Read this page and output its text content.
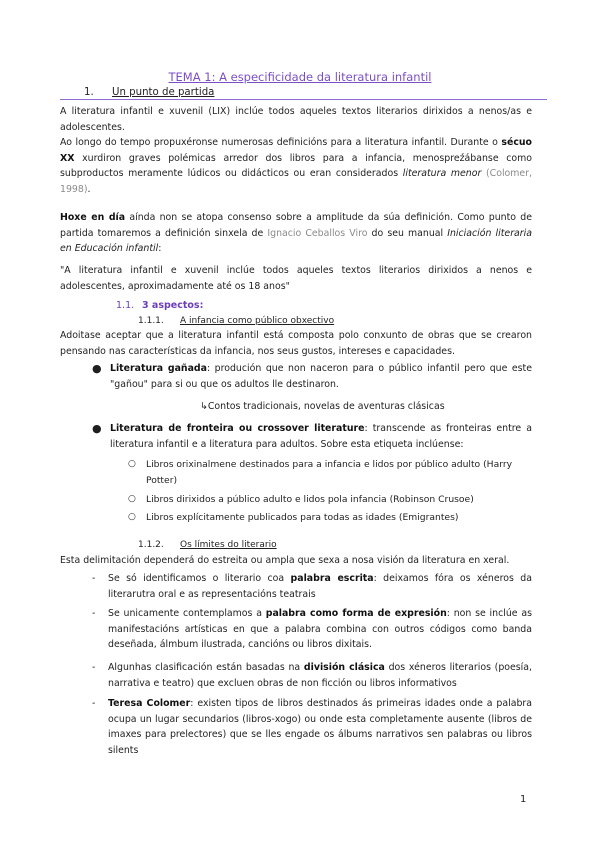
TEMA 1: A especificidade da literatura infantil
1. Un punto de partida
A literatura infantil e xuvenil (LIX) inclúe todos aqueles textos literarios dirixidos a nenos/as e adolescentes.
Ao longo do tempo propuxéronse numerosas definicións para a literatura infantil. Durante o sécuo XX xurdiron graves polémicas arredor dos libros para a infancia, menospreźábanse como subproductos meramente lúdicos ou didácticos ou eran considerados literatura menor (Colomer, 1998).
Hoxe en día aínda non se atopa consenso sobre a amplitude da súa definición. Como punto de partida tomaremos a definición sinxela de Ignacio Ceballos Viro do seu manual Iniciación literaria en Educación infantil:
"A literatura infantil e xuvenil inclúe todos aqueles textos literarios dirixidos a nenos e adolescentes, aproximadamente até os 18 anos"
1.1. 3 aspectos:
1.1.1. A infancia como público obxectivo
Adoitase aceptar que a literatura infantil está composta polo conxunto de obras que se crearon pensando nas características da infancia, nos seus gustos, intereses e capacidades.
● Literatura gañada: produción que non naceron para o público infantil pero que este "gañou" para si ou que os adultos lle destinaron.
↳Contos tradicionais, novelas de aventuras clásicas
● Literatura de fronteira ou crossover literature: transcende as fronteiras entre a literatura infantil e a literatura para adultos. Sobre esta etiqueta inclúense:
○ Libros orixinalmene destinados para a infancia e lidos por público adulto (Harry Potter)
○ Libros dirixidos a público adulto e lidos pola infancia (Robinson Crusoe)
○ Libros explícitamente publicados para todas as idades (Emigrantes)
1.1.2. Os límites do literario
Esta delimitación dependerá do estreita ou ampla que sexa a nosa visión da literatura en xeral.
- Se só identificamos o literario coa palabra escrita: deixamos fóra os xéneros da literarutra oral e as representacións teatrais
- Se unicamente contemplamos a palabra como forma de expresión: non se inclúe as manifestacións artísticas en que a palabra combina con outros códigos como banda deseñada, álmbum ilustrada, cancións ou libros dixitais.
- Algunhas clasificación están basadas na división clásica dos xéneros literarios (poesía, narrativa e teatro) que excluen obras de non ficción ou libros informativos
- Teresa Colomer: existen tipos de libros destinados ás primeiras idades onde a palabra ocupa un lugar secundarios (libros-xogo) ou onde esta completamente ausente (libros de imaxes para prelectores) que se lles engade os álbums narrativos sen palabras ou libros silents
1
